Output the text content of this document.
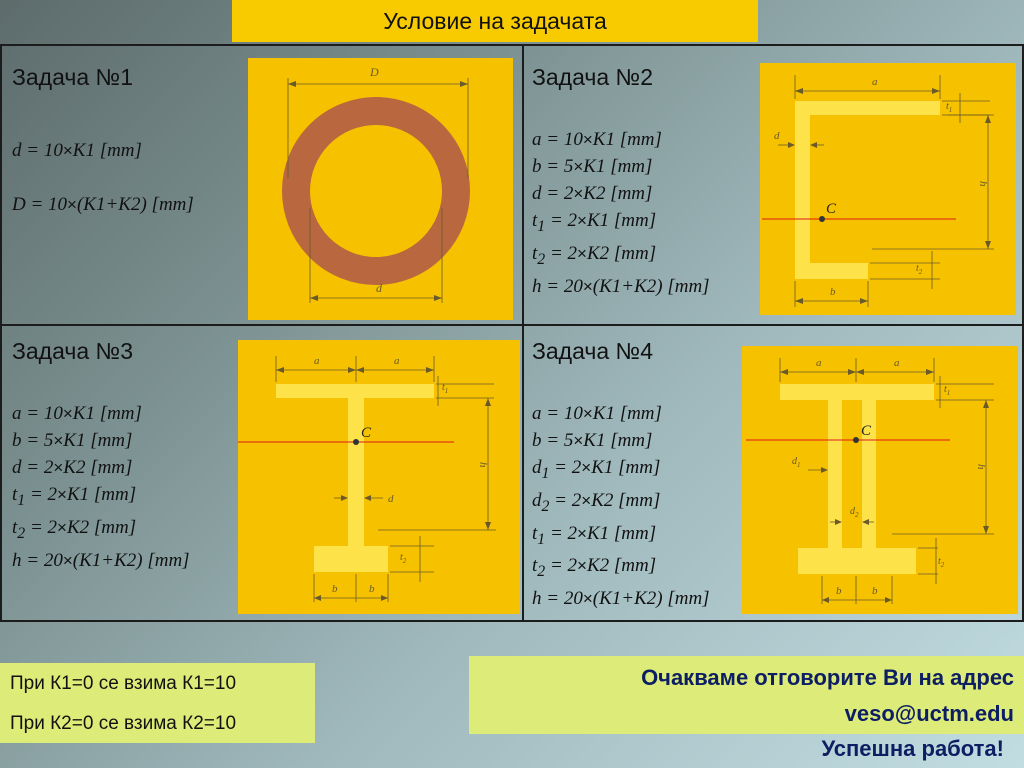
Условие на задачата
Задача №1
d = 10×K1 [mm]
D = 10×(K1+K2) [mm]
D
d
Задача №2
a = 10×K1 [mm]
b = 5×K1 [mm]
d = 2×K2 [mm]
$t_1 = 2\times K1$ [mm]
$t_2 = 2\times K2$ [mm]
h = 20×(K1+K2) [mm]
C
a
$t_1$
d
h
$t_2$
b
Задача №3
a = 10×K1 [mm]
b = 5×K1 [mm]
d = 2×K2 [mm]
$t_1 = 2\times K1$ [mm]
$t_2 = 2\times K2$ [mm]
h = 20×(K1+K2) [mm]
C
a	a
$t_1$
h
d
$t_2$
b	b
Задача №4
a = 10×K1 [mm]
b = 5×K1 [mm]
$d_1 = 2\times K1$ [mm]
$d_2 = 2\times K2$ [mm]
$t_1 = 2\times K1$ [mm]
$t_2 = 2\times K2$ [mm]
h = 20×(K1+K2) [mm]
C
a	a
$t_1$
h
$d_1$
$d_2$
$t_2$
b	b
При К1=0 се взима К1=10
При К2=0 се взима К2=10
Очакваме отговорите Ви на адрес
veso@uctm.edu
Успешна работа!
